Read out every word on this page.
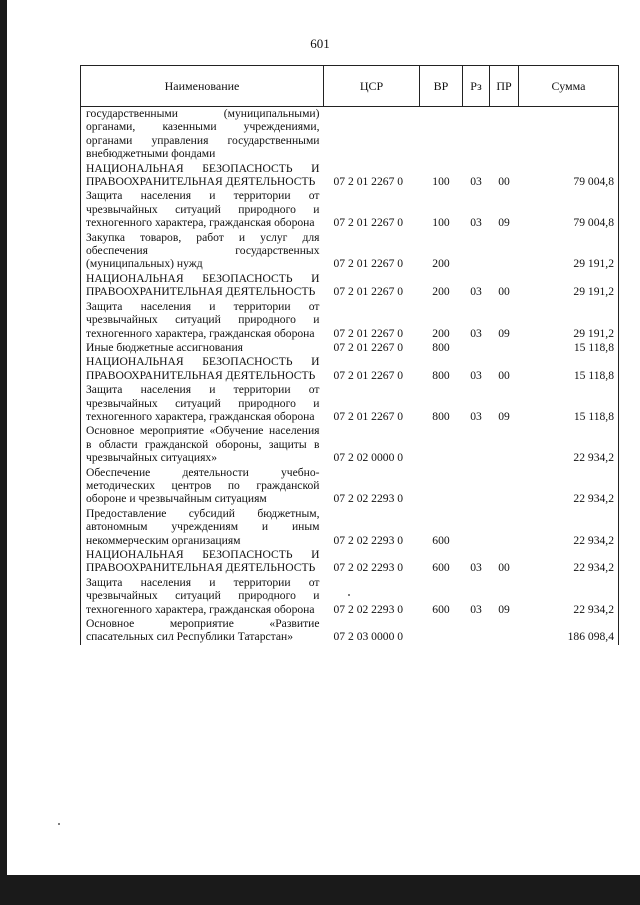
601
Наименование	ЦСР	ВР	Рз	ПР	Сумма
государственными (муниципальными) органами, казенными учреждениями, органами управления государственными внебюджетными фондами					
НАЦИОНАЛЬНАЯ БЕЗОПАСНОСТЬ И ПРАВООХРАНИТЕЛЬНАЯ ДЕЯТЕЛЬНОСТЬ	07 2 01 2267 0	100	03	00	79 004,8
Защита населения и территории от чрезвычайных ситуаций природного и техногенного характера, гражданская оборона	07 2 01 2267 0	100	03	09	79 004,8
Закупка товаров, работ и услуг для обеспечения государственных (муниципальных) нужд	07 2 01 2267 0	200			29 191,2
НАЦИОНАЛЬНАЯ БЕЗОПАСНОСТЬ И ПРАВООХРАНИТЕЛЬНАЯ ДЕЯТЕЛЬНОСТЬ	07 2 01 2267 0	200	03	00	29 191,2
Защита населения и территории от чрезвычайных ситуаций природного и техногенного характера, гражданская оборона	07 2 01 2267 0	200	03	09	29 191,2
Иные бюджетные ассигнования	07 2 01 2267 0	800			15 118,8
НАЦИОНАЛЬНАЯ БЕЗОПАСНОСТЬ И ПРАВООХРАНИТЕЛЬНАЯ ДЕЯТЕЛЬНОСТЬ	07 2 01 2267 0	800	03	00	15 118,8
Защита населения и территории от чрезвычайных ситуаций природного и техногенного характера, гражданская оборона	07 2 01 2267 0	800	03	09	15 118,8
Основное мероприятие «Обучение населения в области гражданской обороны, защиты в чрезвычайных ситуациях»	07 2 02 0000 0				22 934,2
Обеспечение деятельности учебно-методических центров по гражданской обороне и чрезвычайным ситуациям	07 2 02 2293 0				22 934,2
Предоставление субсидий бюджетным, автономным учреждениям и иным некоммерческим организациям	07 2 02 2293 0	600			22 934,2
НАЦИОНАЛЬНАЯ БЕЗОПАСНОСТЬ И ПРАВООХРАНИТЕЛЬНАЯ ДЕЯТЕЛЬНОСТЬ	07 2 02 2293 0	600	03	00	22 934,2
Защита населения и территории от чрезвычайных ситуаций природного и техногенного характера, гражданская оборона	07 2 02 2293 0	600	03	09	22 934,2
Основное мероприятие «Развитие спасательных сил Республики Татарстан»	07 2 03 0000 0				186 098,4
